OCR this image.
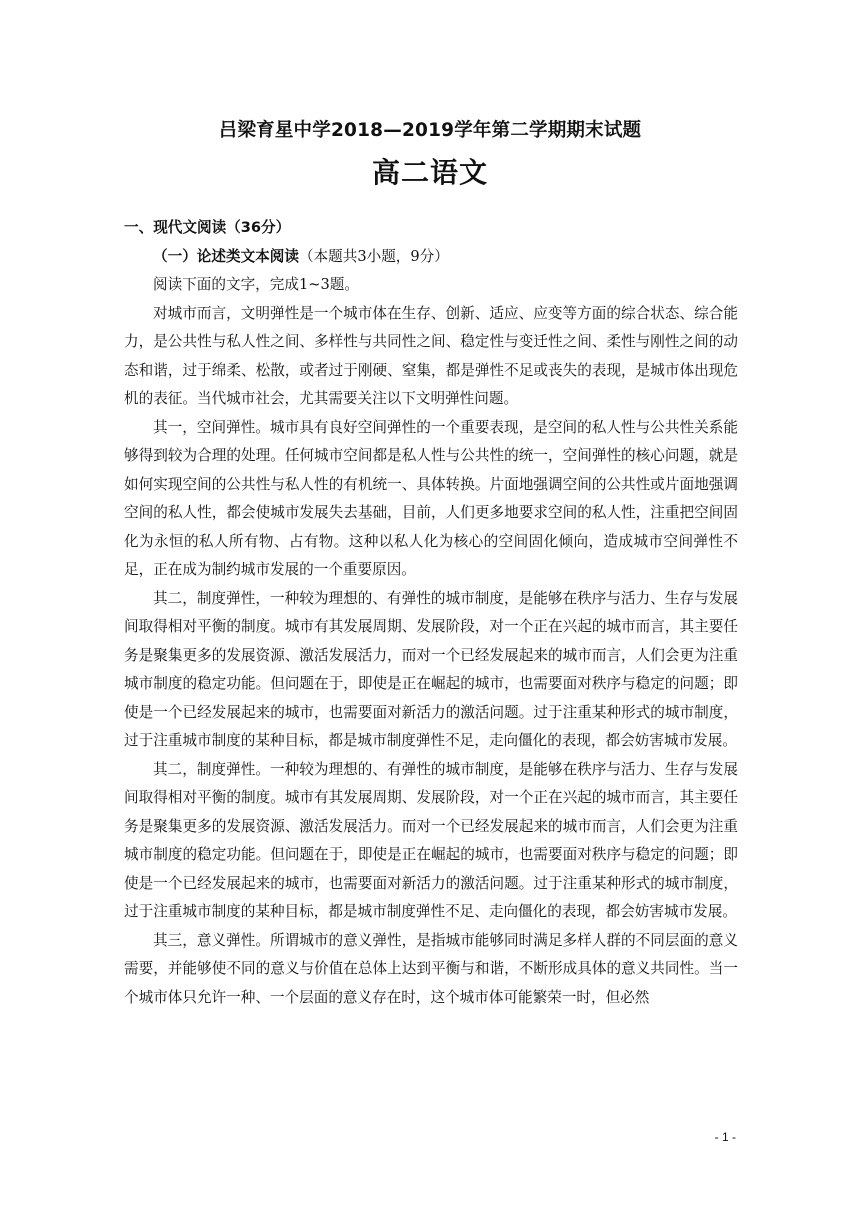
吕梁育星中学2018—2019学年第二学期期末试题
高二语文

一、现代文阅读（36分）

（一）论述类文本阅读（本题共3小题，9分）

阅读下面的文字，完成1~3题。

对城市而言，文明弹性是一个城市体在生存、创新、适应、应变等方面的综合状态、综合能力，是公共性与私人性之间、多样性与共同性之间、稳定性与变迁性之间、柔性与刚性之间的动态和谐，过于绵柔、松散，或者过于刚硬、窒集，都是弹性不足或丧失的表现，是城市体出现危机的表征。当代城市社会，尤其需要关注以下文明弹性问题。

其一，空间弹性。城市具有良好空间弹性的一个重要表现，是空间的私人性与公共性关系能够得到较为合理的处理。任何城市空间都是私人性与公共性的统一，空间弹性的核心问题，就是如何实现空间的公共性与私人性的有机统一、具体转换。片面地强调空间的公共性或片面地强调空间的私人性，都会使城市发展失去基础，目前，人们更多地要求空间的私人性，注重把空间固化为永恒的私人所有物、占有物。这种以私人化为核心的空间固化倾向，造成城市空间弹性不足，正在成为制约城市发展的一个重要原因。

其二，制度弹性，一种较为理想的、有弹性的城市制度，是能够在秩序与活力、生存与发展间取得相对平衡的制度。城市有其发展周期、发展阶段，对一个正在兴起的城市而言，其主要任务是聚集更多的发展资源、激活发展活力，而对一个已经发展起来的城市而言，人们会更为注重城市制度的稳定功能。但问题在于，即使是正在崛起的城市，也需要面对秩序与稳定的问题；即使是一个已经发展起来的城市，也需要面对新活力的激活问题。过于注重某种形式的城市制度，过于注重城市制度的某种目标，都是城市制度弹性不足，走向僵化的表现，都会妨害城市发展。

其二，制度弹性。一种较为理想的、有弹性的城市制度，是能够在秩序与活力、生存与发展间取得相对平衡的制度。城市有其发展周期、发展阶段，对一个正在兴起的城市而言，其主要任务是聚集更多的发展资源、激活发展活力。而对一个已经发展起来的城市而言，人们会更为注重城市制度的稳定功能。但问题在于，即使是正在崛起的城市，也需要面对秩序与稳定的问题；即使是一个已经发展起来的城市，也需要面对新活力的激活问题。过于注重某种形式的城市制度，过于注重城市制度的某种目标，都是城市制度弹性不足、走向僵化的表现，都会妨害城市发展。

其三，意义弹性。所谓城市的意义弹性，是指城市能够同时满足多样人群的不同层面的意义需要，并能够使不同的意义与价值在总体上达到平衡与和谐，不断形成具体的意义共同性。当一个城市体只允许一种、一个层面的意义存在时，这个城市体可能繁荣一时，但必然

- 1 -
